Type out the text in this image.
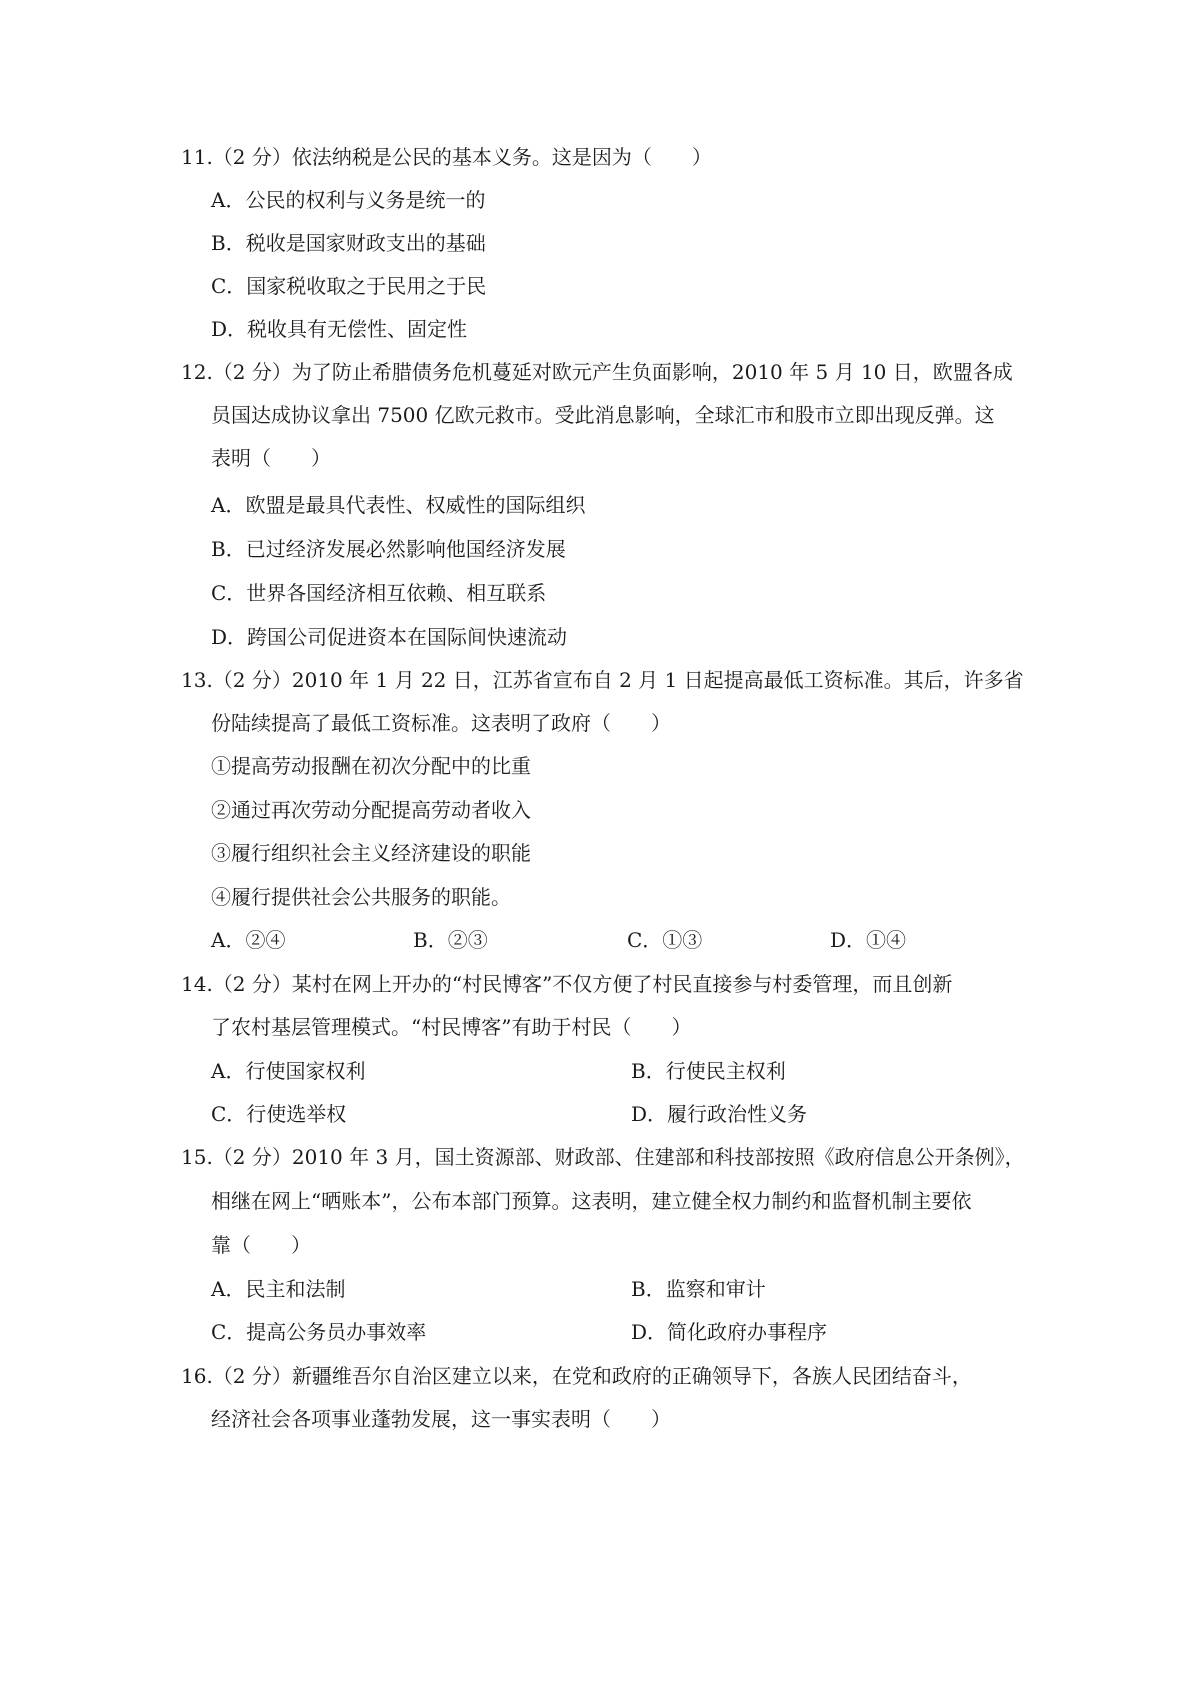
11.（2 分）依法纳税是公民的基本义务。这是因为（　　）
A．公民的权利与义务是统一的
B．税收是国家财政支出的基础
C．国家税收取之于民用之于民
D．税收具有无偿性、固定性
12.（2 分）为了防止希腊债务危机蔓延对欧元产生负面影响，2010 年 5 月 10 日，欧盟各成
员国达成协议拿出 7500 亿欧元救市。受此消息影响，全球汇市和股市立即出现反弹。这
表明（　　）
A．欧盟是最具代表性、权威性的国际组织
B．已过经济发展必然影响他国经济发展
C．世界各国经济相互依赖、相互联系
D．跨国公司促进资本在国际间快速流动
13.（2 分）2010 年 1 月 22 日，江苏省宣布自 2 月 1 日起提高最低工资标准。其后，许多省
份陆续提高了最低工资标准。这表明了政府（　　）
①提高劳动报酬在初次分配中的比重
②通过再次劳动分配提高劳动者收入
③履行组织社会主义经济建设的职能
④履行提供社会公共服务的职能。
A．②④	B．②③	C．①③	D．①④
14.（2 分）某村在网上开办的“村民博客”不仅方便了村民直接参与村委管理，而且创新
了农村基层管理模式。“村民博客”有助于村民（　　）
A．行使国家权利	B．行使民主权利
C．行使选举权	D．履行政治性义务
15.（2 分）2010 年 3 月，国土资源部、财政部、住建部和科技部按照《政府信息公开条例》，
相继在网上“晒账本”，公布本部门预算。这表明，建立健全权力制约和监督机制主要依
靠（　　）
A．民主和法制	B．监察和审计
C．提高公务员办事效率	D．简化政府办事程序
16.（2 分）新疆维吾尔自治区建立以来，在党和政府的正确领导下，各族人民团结奋斗，
经济社会各项事业蓬勃发展，这一事实表明（　　）
